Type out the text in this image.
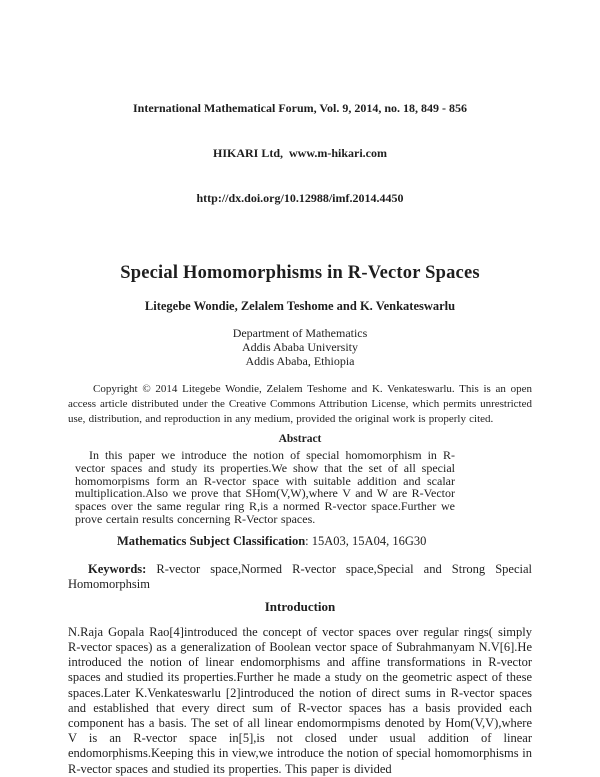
International Mathematical Forum, Vol. 9, 2014, no. 18, 849 - 856

HIKARI Ltd,  www.m-hikari.com

http://dx.doi.org/10.12988/imf.2014.4450

Special Homomorphisms in R-Vector Spaces
Litegebe Wondie, Zelalem Teshome and K. Venkateswarlu
Department of Mathematics
Addis Ababa University
Addis Ababa, Ethiopia
Copyright © 2014 Litegebe Wondie, Zelalem Teshome and K. Venkateswarlu. This is an open access article distributed under the Creative Commons Attribution License, which permits unrestricted use, distribution, and reproduction in any medium, provided the original work is properly cited.
Abstract
In this paper we introduce the notion of special homomorphism in R-vector spaces and study its properties.We show that the set of all special homomorpisms form an R-vector space with suitable addition and scalar multiplication.Also we prove that SHom(V,W),where V and W are R-Vector spaces over the same regular ring R,is a normed R-vector space.Further we prove certain results concerning R-Vector spaces.
Mathematics Subject Classification: 15A03, 15A04, 16G30
Keywords: R-vector space,Normed R-vector space,Special and Strong Special Homomorphsim
Introduction
N.Raja Gopala Rao[4]introduced the concept of vector spaces over regular rings( simply R-vector spaces) as a generalization of Boolean vector space of Subrahmanyam N.V[6].He introduced the notion of linear endomorphisms and affine transformations in R-vector spaces and studied its properties.Further he made a study on the geometric aspect of these spaces.Later K.Venkateswarlu [2]introduced the notion of direct sums in R-vector spaces and established that every direct sum of R-vector spaces has a basis provided each component has a basis. The set of all linear endomormpisms denoted by Hom(V,V),where V is an R-vector space in[5],is not closed under usual addition of linear endomorphisms.Keeping this in view,we introduce the notion of special homomorphisms in R-vector spaces and studied its properties. This paper is divided
